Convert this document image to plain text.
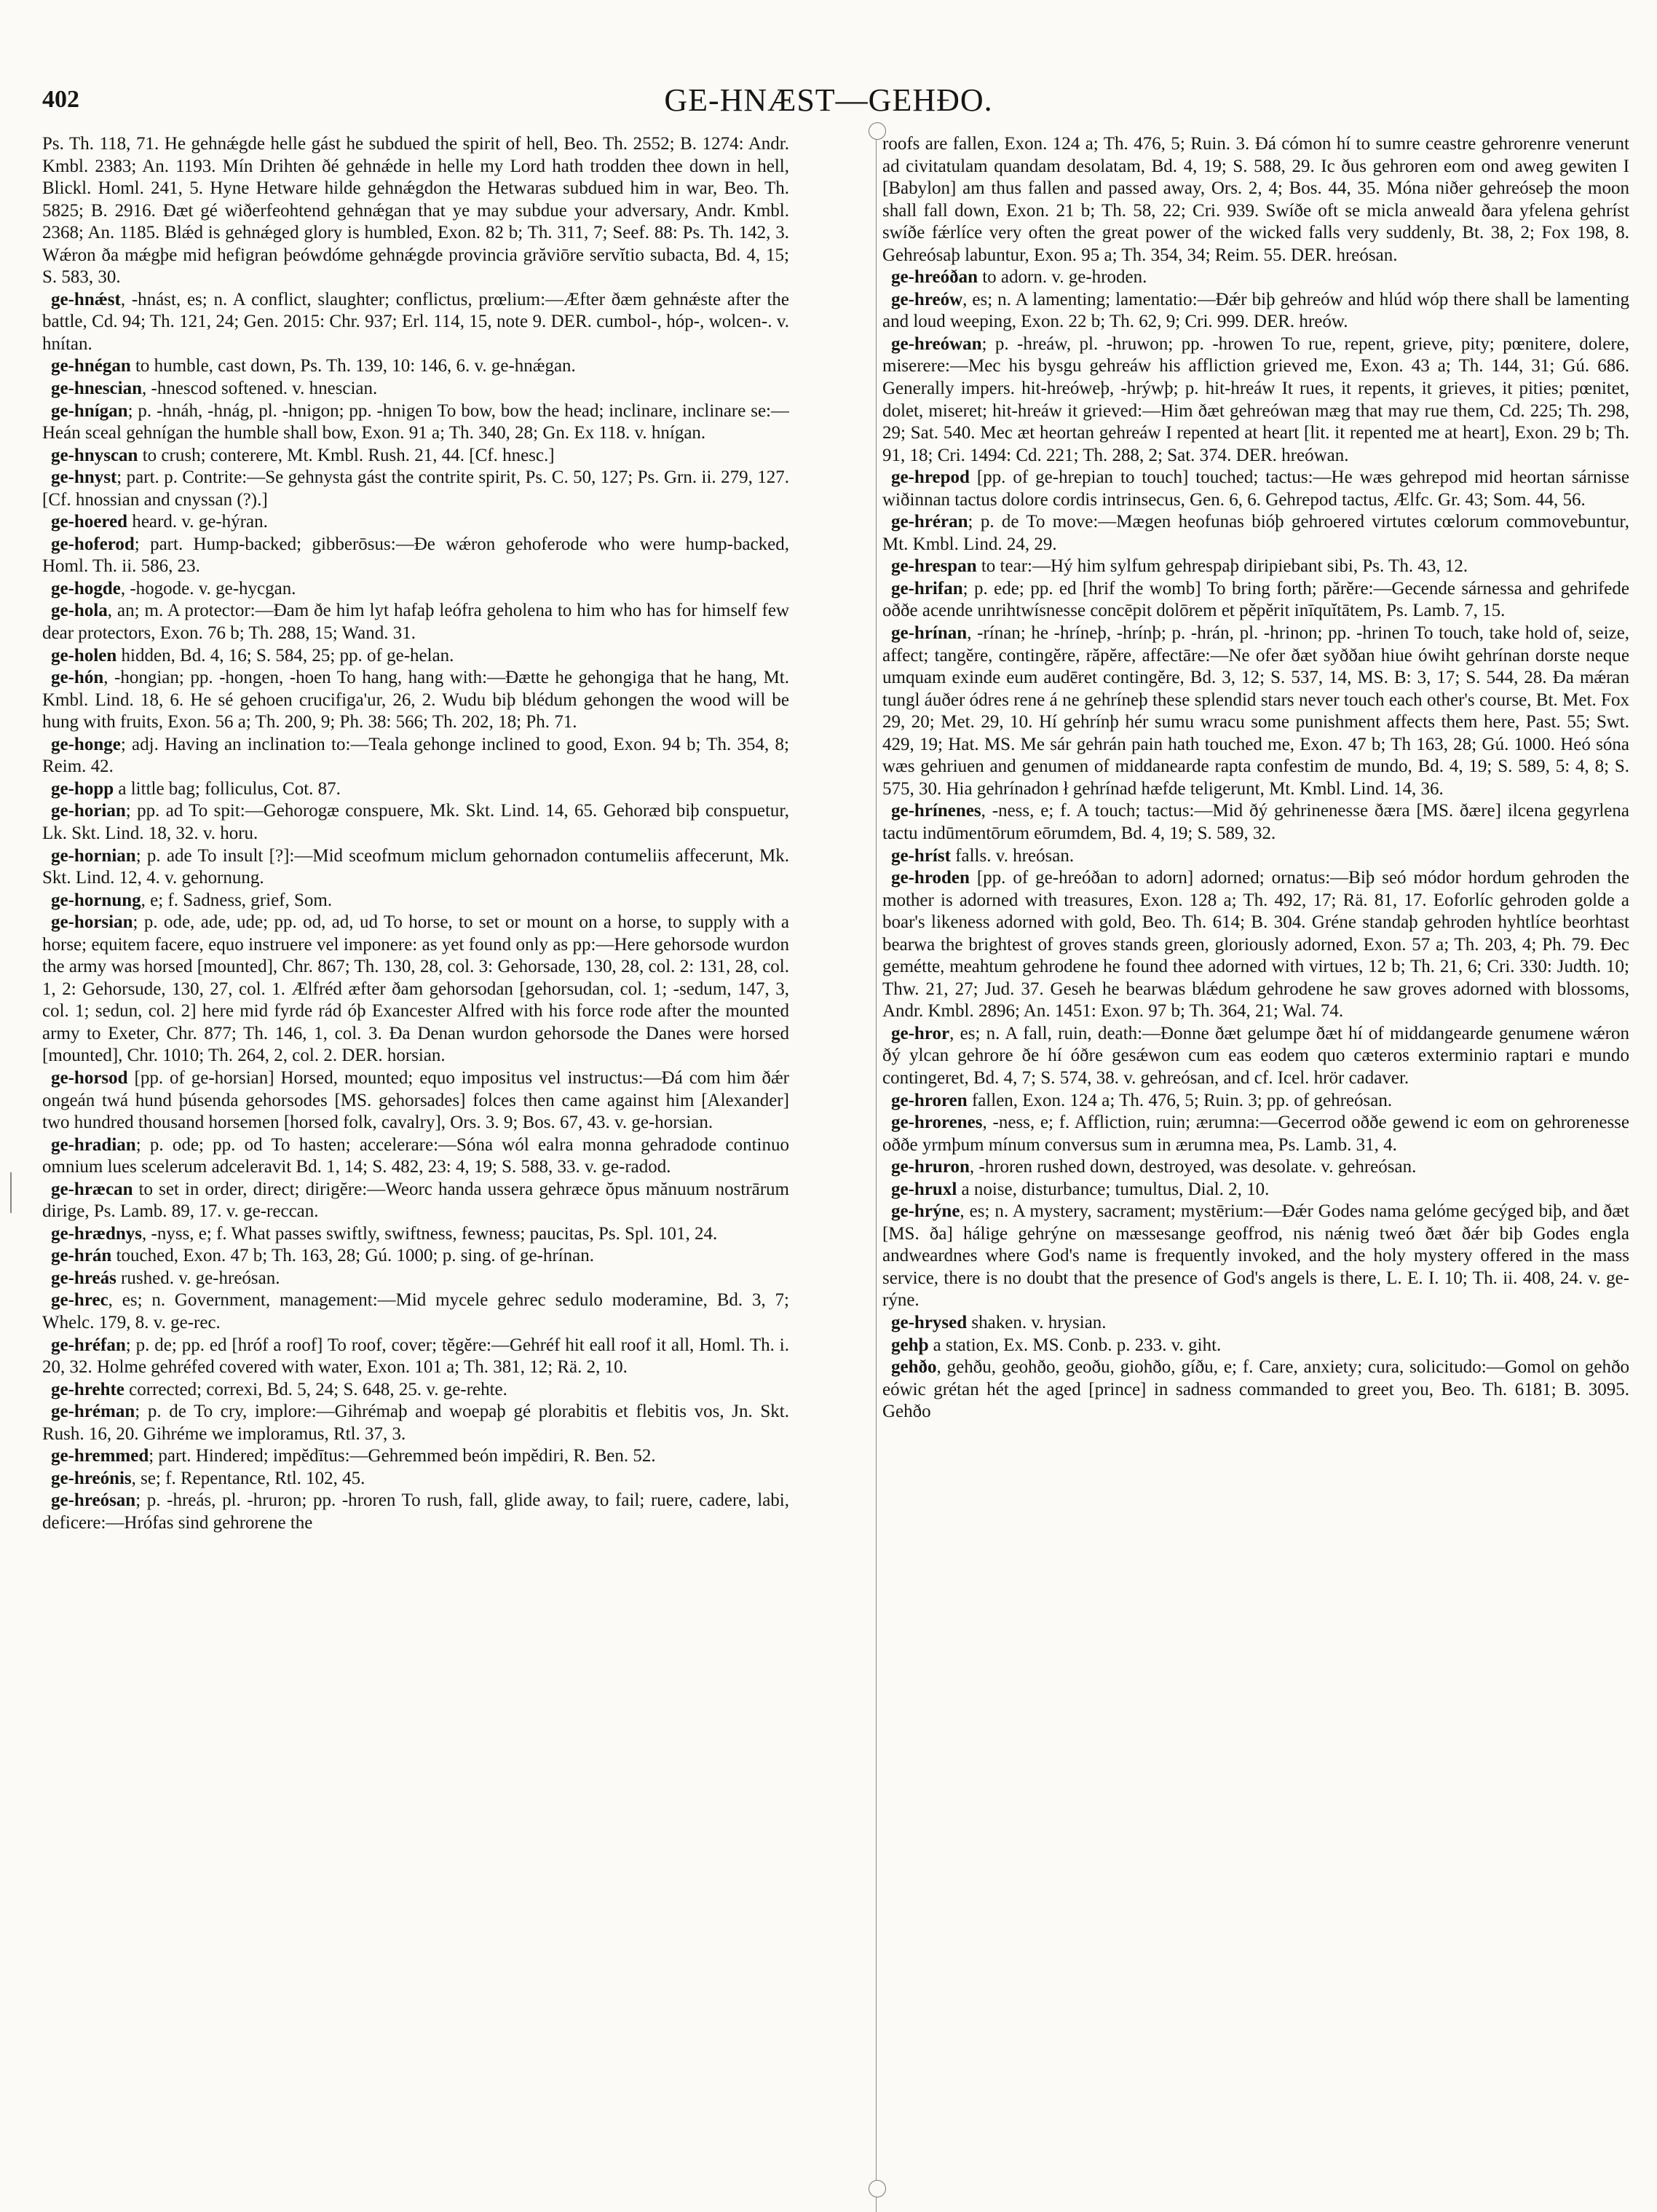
402	GE-HNÆST—GEHÐO.

Ps. Th. 118, 71. He gehnǽgde helle gást he subdued the spirit of hell, Beo. Th. 2552; B. 1274: Andr. Kmbl. 2383; An. 1193. Mín Drihten ðé gehnǽde in helle my Lord hath trodden thee down in hell, Blickl. Homl. 241, 5. Hyne Hetware hilde gehnǽgdon the Hetwaras subdued him in war, Beo. Th. 5825; B. 2916. Ðæt gé wiðerfeohtend gehnǽgan that ye may subdue your adversary, Andr. Kmbl. 2368; An. 1185. Blǽd is gehnǽged glory is humbled, Exon. 82 b; Th. 311, 7; Seef. 88: Ps. Th. 142, 3. Wǽron ða mǽgþe mid hefigran þeówdóme gehnǽgde provincia grăviōre servĭtio subacta, Bd. 4, 15; S. 583, 30.

ge-hnǽst, -hnást, es; n. A conflict, slaughter; conflictus, prœlium:—Æfter ðæm gehnǽste after the battle, Cd. 94; Th. 121, 24; Gen. 2015: Chr. 937; Erl. 114, 15, note 9. DER. cumbol-, hóp-, wolcen-. v. hnítan.

ge-hnégan to humble, cast down, Ps. Th. 139, 10: 146, 6. v. ge-hnǽgan.

ge-hnescian, -hnescod softened. v. hnescian.

ge-hnígan; p. -hnáh, -hnág, pl. -hnigon; pp. -hnigen To bow, bow the head; inclinare, inclinare se:—Heán sceal gehnígan the humble shall bow, Exon. 91 a; Th. 340, 28; Gn. Ex 118. v. hnígan.

ge-hnyscan to crush; conterere, Mt. Kmbl. Rush. 21, 44. [Cf. hnesc.]

ge-hnyst; part. p. Contrite:—Se gehnysta gást the contrite spirit, Ps. C. 50, 127; Ps. Grn. ii. 279, 127. [Cf. hnossian and cnyssan (?).]

ge-hoered heard. v. ge-hýran.

ge-hoferod; part. Hump-backed; gibberōsus:—Ðe wǽron gehoferode who were hump-backed, Homl. Th. ii. 586, 23.

ge-hogde, -hogode. v. ge-hycgan.

ge-hola, an; m. A protector:—Ðam ðe him lyt hafaþ leófra geholena to him who has for himself few dear protectors, Exon. 76 b; Th. 288, 15; Wand. 31.

ge-holen hidden, Bd. 4, 16; S. 584, 25; pp. of ge-helan.

ge-hón, -hongian; pp. -hongen, -hoen To hang, hang with:—Ðætte he gehongiga that he hang, Mt. Kmbl. Lind. 18, 6. He sé gehoen crucifiga'ur, 26, 2. Wudu biþ blédum gehongen the wood will be hung with fruits, Exon. 56 a; Th. 200, 9; Ph. 38: 566; Th. 202, 18; Ph. 71.

ge-honge; adj. Having an inclination to:—Teala gehonge inclined to good, Exon. 94 b; Th. 354, 8; Reim. 42.

ge-hopp a little bag; folliculus, Cot. 87.

ge-horian; pp. ad To spit:—Gehorogæ conspuere, Mk. Skt. Lind. 14, 65. Gehoræd biþ conspuetur, Lk. Skt. Lind. 18, 32. v. horu.

ge-hornian; p. ade To insult [?]:—Mid sceofmum miclum gehornadon contumeliis affecerunt, Mk. Skt. Lind. 12, 4. v. gehornung.

ge-hornung, e; f. Sadness, grief, Som.

ge-horsian; p. ode, ade, ude; pp. od, ad, ud To horse, to set or mount on a horse, to supply with a horse; equitem facere, equo instruere vel imponere: as yet found only as pp:—Here gehorsode wurdon the army was horsed [mounted], Chr. 867; Th. 130, 28, col. 3: Gehorsade, 130, 28, col. 2: 131, 28, col. 1, 2: Gehorsude, 130, 27, col. 1. Ælfréd æfter ðam gehorsodan [gehorsudan, col. 1; -sedum, 147, 3, col. 1; sedun, col. 2] here mid fyrde rád óþ Exancester Alfred with his force rode after the mounted army to Exeter, Chr. 877; Th. 146, 1, col. 3. Ða Denan wurdon gehorsode the Danes were horsed [mounted], Chr. 1010; Th. 264, 2, col. 2. DER. horsian.

ge-horsod [pp. of ge-horsian] Horsed, mounted; equo impositus vel instructus:—Ðá com him ðǽr ongeán twá hund þúsenda gehorsodes [MS. gehorsades] folces then came against him [Alexander] two hundred thousand horsemen [horsed folk, cavalry], Ors. 3. 9; Bos. 67, 43. v. ge-horsian.

ge-hradian; p. ode; pp. od To hasten; accelerare:—Sóna wól ealra monna gehradode continuo omnium lues scelerum adceleravit Bd. 1, 14; S. 482, 23: 4, 19; S. 588, 33. v. ge-radod.

ge-hræcan to set in order, direct; dirigĕre:—Weorc handa ussera gehræce ŏpus mănuum nostrārum dirige, Ps. Lamb. 89, 17. v. ge-reccan.

ge-hrædnys, -nyss, e; f. What passes swiftly, swiftness, fewness; paucitas, Ps. Spl. 101, 24.

ge-hrán touched, Exon. 47 b; Th. 163, 28; Gú. 1000; p. sing. of ge-hrínan.

ge-hreás rushed. v. ge-hreósan.

ge-hrec, es; n. Government, management:—Mid mycele gehrec sedulo moderamine, Bd. 3, 7; Whelc. 179, 8. v. ge-rec.

ge-hréfan; p. de; pp. ed [hróf a roof] To roof, cover; tĕgĕre:—Gehréf hit eall roof it all, Homl. Th. i. 20, 32. Holme gehréfed covered with water, Exon. 101 a; Th. 381, 12; Rä. 2, 10.

ge-hrehte corrected; correxi, Bd. 5, 24; S. 648, 25. v. ge-rehte.

ge-hréman; p. de To cry, implore:—Gihrémaþ and woepaþ gé plorabitis et flebitis vos, Jn. Skt. Rush. 16, 20. Gihréme we imploramus, Rtl. 37, 3.

ge-hremmed; part. Hindered; impĕdītus:—Gehremmed beón impĕdiri, R. Ben. 52.

ge-hreónis, se; f. Repentance, Rtl. 102, 45.

ge-hreósan; p. -hreás, pl. -hruron; pp. -hroren To rush, fall, glide away, to fail; ruere, cadere, labi, deficere:—Hrófas sind gehrorene the

roofs are fallen, Exon. 124 a; Th. 476, 5; Ruin. 3. Ðá cómon hí to sumre ceastre gehrorenre venerunt ad civitatulam quandam desolatam, Bd. 4, 19; S. 588, 29. Ic ðus gehroren eom ond aweg gewiten I [Babylon] am thus fallen and passed away, Ors. 2, 4; Bos. 44, 35. Móna niðer gehreóseþ the moon shall fall down, Exon. 21 b; Th. 58, 22; Cri. 939. Swíðe oft se micla anweald ðara yfelena gehríst swíðe fǽrlíce very often the great power of the wicked falls very suddenly, Bt. 38, 2; Fox 198, 8. Gehreósaþ labuntur, Exon. 95 a; Th. 354, 34; Reim. 55. DER. hreósan.

ge-hreóðan to adorn. v. ge-hroden.

ge-hreów, es; n. A lamenting; lamentatio:—Ðǽr biþ gehreów and hlúd wóp there shall be lamenting and loud weeping, Exon. 22 b; Th. 62, 9; Cri. 999. DER. hreów.

ge-hreówan; p. -hreáw, pl. -hruwon; pp. -hrowen To rue, repent, grieve, pity; pœnitere, dolere, miserere:—Mec his bysgu gehreáw his affliction grieved me, Exon. 43 a; Th. 144, 31; Gú. 686. Generally impers. hit-hreóweþ, -hrýwþ; p. hit-hreáw It rues, it repents, it grieves, it pities; pœnitet, dolet, miseret; hit-hreáw it grieved:—Him ðæt gehreówan mæg that may rue them, Cd. 225; Th. 298, 29; Sat. 540. Mec æt heortan gehreáw I repented at heart [lit. it repented me at heart], Exon. 29 b; Th. 91, 18; Cri. 1494: Cd. 221; Th. 288, 2; Sat. 374. DER. hreówan.

ge-hrepod [pp. of ge-hrepian to touch] touched; tactus:—He wæs gehrepod mid heortan sárnisse wiðinnan tactus dolore cordis intrinsecus, Gen. 6, 6. Gehrepod tactus, Ælfc. Gr. 43; Som. 44, 56.

ge-hréran; p. de To move:—Mægen heofunas bióþ gehroered virtutes cœlorum commovebuntur, Mt. Kmbl. Lind. 24, 29.

ge-hrespan to tear:—Hý him sylfum gehrespaþ diripiebant sibi, Ps. Th. 43, 12.

ge-hrifan; p. ede; pp. ed [hrif the womb] To bring forth; părĕre:—Gecende sárnessa and gehrifede oððe acende unrihtwísnesse concēpit dolōrem et pĕpĕrit inīquĭtātem, Ps. Lamb. 7, 15.

ge-hrínan, -rínan; he -hríneþ, -hrínþ; p. -hrán, pl. -hrinon; pp. -hrinen To touch, take hold of, seize, affect; tangĕre, contingĕre, răpĕre, affectāre:—Ne ofer ðæt syððan hiue ówiht gehrínan dorste neque umquam exinde eum audēret contingĕre, Bd. 3, 12; S. 537, 14, MS. B: 3, 17; S. 544, 28. Ða mǽran tungl áuðer ódres rene á ne gehríneþ these splendid stars never touch each other's course, Bt. Met. Fox 29, 20; Met. 29, 10. Hí gehrínþ hér sumu wracu some punishment affects them here, Past. 55; Swt. 429, 19; Hat. MS. Me sár gehrán pain hath touched me, Exon. 47 b; Th 163, 28; Gú. 1000. Heó sóna wæs gehriuen and genumen of middanearde rapta confestim de mundo, Bd. 4, 19; S. 589, 5: 4, 8; S. 575, 30. Hia gehrínadon ł gehrínad hæfde teligerunt, Mt. Kmbl. Lind. 14, 36.

ge-hrínenes, -ness, e; f. A touch; tactus:—Mid ðý gehrinenesse ðæra [MS. ðære] ilcena gegyrlena tactu indūmentōrum eōrumdem, Bd. 4, 19; S. 589, 32.

ge-hríst falls. v. hreósan.

ge-hroden [pp. of ge-hreóðan to adorn] adorned; ornatus:—Biþ seó módor hordum gehroden the mother is adorned with treasures, Exon. 128 a; Th. 492, 17; Rä. 81, 17. Eoforlíc gehroden golde a boar's likeness adorned with gold, Beo. Th. 614; B. 304. Gréne standaþ gehroden hyhtlíce beorhtast bearwa the brightest of groves stands green, gloriously adorned, Exon. 57 a; Th. 203, 4; Ph. 79. Ðec gemétte, meahtum gehrodene he found thee adorned with virtues, 12 b; Th. 21, 6; Cri. 330: Judth. 10; Thw. 21, 27; Jud. 37. Geseh he bearwas blǽdum gehrodene he saw groves adorned with blossoms, Andr. Kmbl. 2896; An. 1451: Exon. 97 b; Th. 364, 21; Wal. 74.

ge-hror, es; n. A fall, ruin, death:—Ðonne ðæt gelumpe ðæt hí of middangearde genumene wǽron ðý ylcan gehrore ðe hí óðre gesǽwon cum eas eodem quo cæteros exterminio raptari e mundo contingeret, Bd. 4, 7; S. 574, 38. v. gehreósan, and cf. Icel. hrör cadaver.

ge-hroren fallen, Exon. 124 a; Th. 476, 5; Ruin. 3; pp. of gehreósan.

ge-hrorenes, -ness, e; f. Affliction, ruin; ærumna:—Gecerrod oððe gewend ic eom on gehrorenesse oððe yrmþum mínum conversus sum in ærumna mea, Ps. Lamb. 31, 4.

ge-hruron, -hroren rushed down, destroyed, was desolate. v. gehreósan.

ge-hruxl a noise, disturbance; tumultus, Dial. 2, 10.

ge-hrýne, es; n. A mystery, sacrament; mystērium:—Ðǽr Godes nama gelóme gecýged biþ, and ðæt [MS. ða] hálige gehrýne on mæssesange geoffrod, nis nǽnig tweó ðæt ðǽr biþ Godes engla andweardnes where God's name is frequently invoked, and the holy mystery offered in the mass service, there is no doubt that the presence of God's angels is there, L. E. I. 10; Th. ii. 408, 24. v. ge-rýne.

ge-hrysed shaken. v. hrysian.

gehþ a station, Ex. MS. Conb. p. 233. v. giht.

gehðo, gehðu, geohðo, geoðu, giohðo, gíðu, e; f. Care, anxiety; cura, solicitudo:—Gomol on gehðo eówic grétan hét the aged [prince] in sadness commanded to greet you, Beo. Th. 6181; B. 3095. Gehðo
